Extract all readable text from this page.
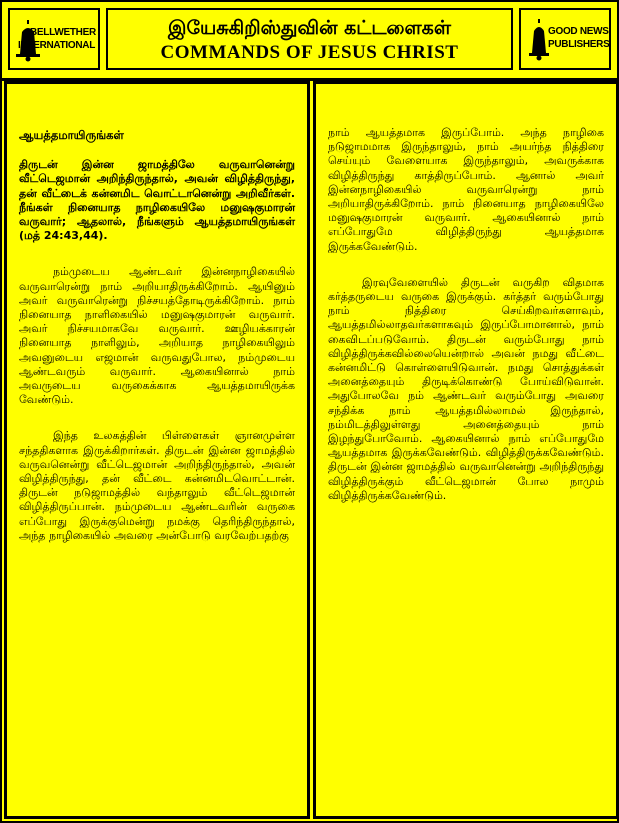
BELLWETHER
INTERNATIONAL
இயேசுகிறிஸ்துவின் கட்டளைகள்
COMMANDS OF JESUS CHRIST
GOOD NEWS
PUBLISHERS
ஆயத்தமாயிருங்கள்
திருடன் இன்ன ஜாமத்திலே வருவானென்று வீட்டெஜமான் அறிந்திருந்தால், அவன் விழித்திருந்து, தன் வீட்டைக் கன்னமிட வொட்டானென்று அறிவீர்கள். நீங்கள் நினையாத நாழிகையிலே மனுஷகுமாரன் வருவார்; ஆதலால், நீங்களும் ஆயத்தமாயிருங்கள் (மத் 24:43,44).

நம்முடைய ஆண்டவர் இன்னநாழிகையில் வருவாரென்று நாம் அறியாதிருக்கிறோம். ஆயினும் அவர் வருவாரென்று நிச்சயத்தோடிருக்கிறோம். நாம் நினையாத நாளிகையில் மனுஷகுமாரன் வருவார். அவர் நிச்சயமாகவே வருவார். ஊழியக்காரன் நினையாத நாளிலும், அறியாத நாழிகையிலும் அவனுடைய எஜமான் வருவதுபோல, நம்முடைய ஆண்டவரும் வருவார். ஆகையினால் நாம் அவருடைய வருகைக்காக ஆயத்தமாயிருக்க வேண்டும்.

இந்த உலகத்தின் பிள்ளைகள் ஞானமுள்ள சந்ததிகளாக இருக்கிறார்கள். திருடன் இன்ன ஜாமத்தில் வருவனென்று வீட்டெஜமான் அறிந்திருந்தால், அவன் விழித்திருந்து, தன் வீட்டை கன்னமிடவொட்டான். திருடன் நடுஜாமத்தில் வந்தாலும் வீட்டெஜமான் விழித்திருப்பான். நம்முடைய ஆண்டவரின் வருகை எப்போது இருக்குமென்று நமக்கு தெரிந்திருந்தால், அந்த நாழிகையில் அவரை அன்போடு வரவேற்பதற்கு

நாம் ஆயத்தமாக இருப்போம். அந்த நாழிகை நடுஜாமமாக இருந்தாலும், நாம் அயர்ந்த நித்திரை செய்யும் வேளையாக இருந்தாலும், அவருக்காக விழித்திருந்து காத்திருப்போம். ஆனால் அவர் இன்னநாழிகையில் வருவாரென்று நாம் அறியாதிருக்கிறோம். நாம் நினையாத நாழிகையிலே மனுஷகுமாரன் வருவார். ஆகையினால் நாம் எப்போதுமே விழித்திருந்து ஆயத்தமாக இருக்கவேண்டும்.

இரவுவேளையில் திருடன் வருகிற விதமாக கர்த்தருடைய வருகை இருக்கும். கர்த்தர் வரும்போது நாம் நித்திரை செய்கிறவர்களாவும், ஆயத்தமில்லாதவர்களாகவும் இருப்போமானால், நாம் கைவிடப்படுவோம். திருடன் வரும்போது நாம் விழித்திருக்கவில்லையென்றால் அவன் நமது வீட்டை கன்னமிட்டு கொள்ளையிடுவான். நமது சொத்துக்கள் அனைத்தையும் திருடிக்கொண்டு போய்விடுவான். அதுபோலவே நம் ஆண்டவர் வரும்போது அவரை சந்திக்க நாம் ஆயத்தமில்லாமல் இருந்தால், நம்மிடத்திலுள்ளது அனைத்தையும் நாம் இழந்துபோவோம். ஆகையினால் நாம் எப்போதுமே ஆயத்தமாக இருக்கவேண்டும். விழித்திருக்கவேண்டும். திருடன் இன்ன ஜாமத்தில் வருவானென்று அறிந்திருந்து விழித்திருக்கும் வீட்டெஜமான் போல நாமும் விழித்திருக்கவேண்டும்.
